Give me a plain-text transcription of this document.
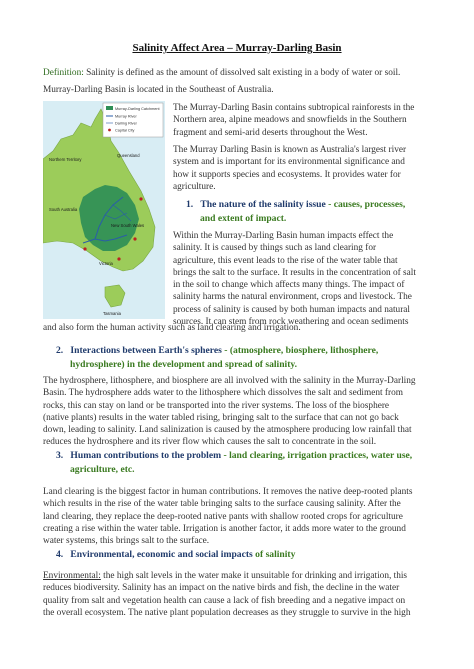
Salinity Affect Area – Murray-Darling Basin

Definition: Salinity is defined as the amount of dissolved salt existing in a body of water or soil.

Murray-Darling Basin is located in the Southeast of Australia.

Murray-Darling Catchment
Murray River
Darling River
Capital City
Northern Territory
Queensland
South Australia
New South Wales
Victoria
Tasmania
The Murray-Darling Basin contains subtropical rainforests in the
Northern area, alpine meadows and snowfields in the Southern
fragment and semi-arid deserts throughout the West.
The Murray Darling Basin is known as Australia's largest river
system and is important for its environmental significance and
how it supports species and ecosystems. It provides water for
agriculture.
1. The nature of the salinity issue - causes, processes,
and extent of impact.
Within the Murray-Darling Basin human impacts effect the
salinity. It is caused by things such as land clearing for
agriculture, this event leads to the rise of the water table that
brings the salt to the surface. It results in the concentration of salt
in the soil to change which affects many things. The impact of
salinity harms the natural environment, crops and livestock. The
process of salinity is caused by both human impacts and natural
sources. It can stem from rock weathering and ocean sediments
and also form the human activity such as land clearing and irrigation.
2. Interactions between Earth's spheres - (atmosphere, biosphere, lithosphere,
hydrosphere) in the development and spread of salinity.
The hydrosphere, lithosphere, and biosphere are all involved with the salinity in the Murray-Darling
Basin. The hydrosphere adds water to the lithosphere which dissolves the salt and sediment from
rocks, this can stay on land or be transported into the river systems. The loss of the biosphere
(native plants) results in the water tabled rising, bringing salt to the surface that can not go back
down, leading to salinity. Land salinization is caused by the atmosphere producing low rainfall that
reduces the hydrosphere and its river flow which causes the salt to concentrate in the soil.
3. Human contributions to the problem - land clearing, irrigation practices, water use,
agriculture, etc.
Land clearing is the biggest factor in human contributions. It removes the native deep-rooted plants
which results in the rise of the water table bringing salts to the surface causing salinity. After the
land clearing, they replace the deep-rooted native pants with shallow rooted crops for agriculture
creating a rise within the water table. Irrigation is another factor, it adds more water to the ground
water systems, this brings salt to the surface.
4. Environmental, economic and social impacts of salinity
Environmental: the high salt levels in the water make it unsuitable for drinking and irrigation, this
reduces biodiversity. Salinity has an impact on the native birds and fish, the decline in the water
quality from salt and vegetation health can cause a lack of fish breeding and a negative impact on
the overall ecosystem. The native plant population decreases as they struggle to survive in the high
